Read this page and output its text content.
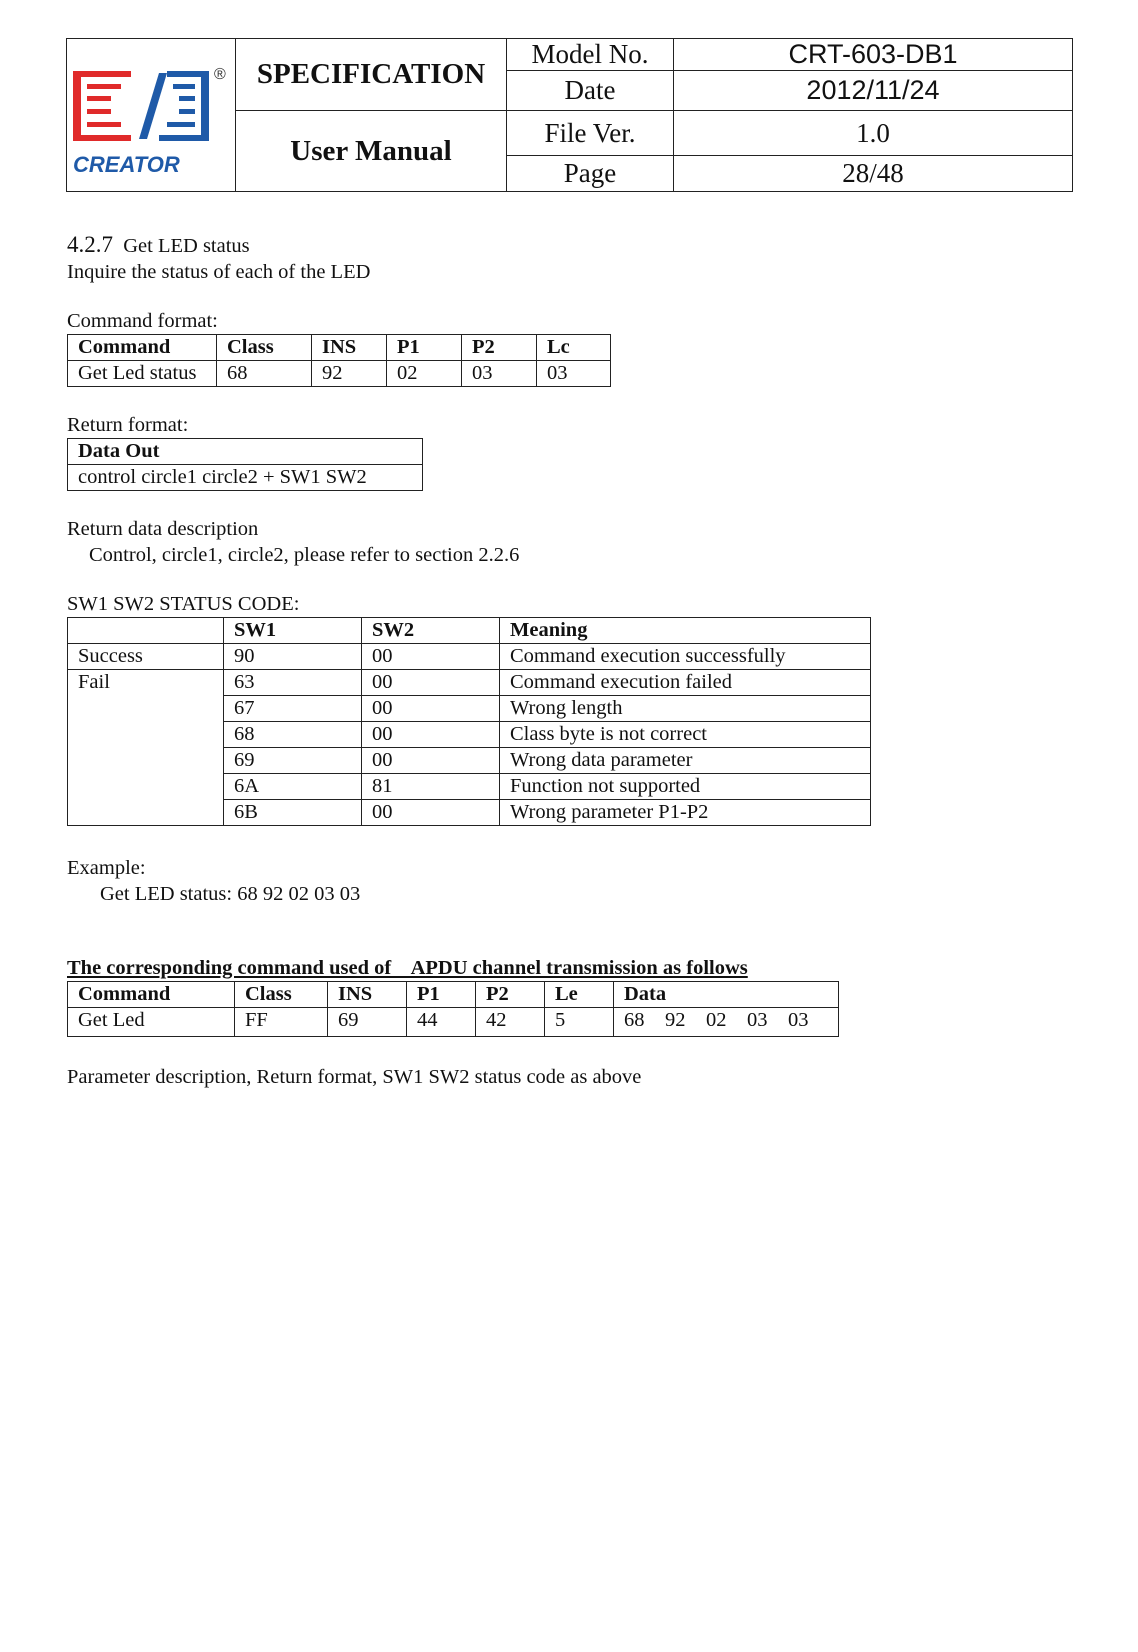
CREATOR
®	SPECIFICATION	Model No.	CRT-603-DB1
		Date	2012/11/24
	User Manual	File Ver.	1.0
		Page	28/48
4.2.7 Get LED status
Inquire the status of each of the LED
Command format:
Command	Class	INS	P1	P2	Lc
Get Led status	68	92	02	03	03
Return format:
Data Out
control circle1 circle2 + SW1 SW2
Return data description
Control, circle1, circle2, please refer to section 2.2.6
SW1 SW2 STATUS CODE:
	SW1	SW2	Meaning
Success	90	00	Command execution successfully
Fail	63	00	Command execution failed
	67	00	Wrong length
	68	00	Class byte is not correct
	69	00	Wrong data parameter
	6A	81	Function not supported
	6B	00	Wrong parameter P1-P2
Example:
Get LED status: 68 92 02 03 03
The corresponding command used of    APDU channel transmission as follows
Command	Class	INS	P1	P2	Le	Data
Get Led	FF	69	44	42	5	68    92    02    03    03
Parameter description, Return format, SW1 SW2 status code as above
